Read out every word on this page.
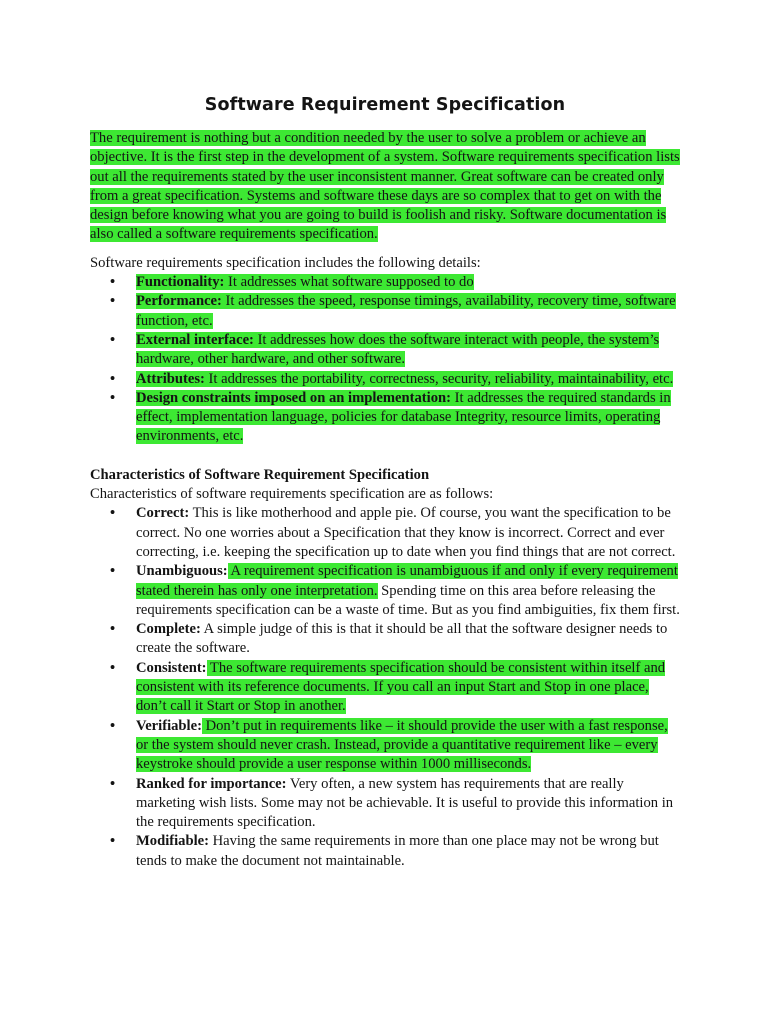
Software Requirement Specification

The requirement is nothing but a condition needed by the user to solve a problem or achieve an objective. It is the first step in the development of a system. Software requirements specification lists out all the requirements stated by the user inconsistent manner. Great software can be created only from a great specification. Systems and software these days are so complex that to get on with the design before knowing what you are going to build is foolish and risky. Software documentation is also called a software requirements specification.

Software requirements specification includes the following details:

• Functionality: It addresses what software supposed to do
• Performance: It addresses the speed, response timings, availability, recovery time, software function, etc.
• External interface: It addresses how does the software interact with people, the system’s hardware, other hardware, and other software.
• Attributes: It addresses the portability, correctness, security, reliability, maintainability, etc.
• Design constraints imposed on an implementation: It addresses the required standards in effect, implementation language, policies for database Integrity, resource limits, operating environments, etc.

Characteristics of Software Requirement Specification

Characteristics of software requirements specification are as follows:

• Correct: This is like motherhood and apple pie. Of course, you want the specification to be correct. No one worries about a Specification that they know is incorrect. Correct and ever correcting, i.e. keeping the specification up to date when you find things that are not correct.
• Unambiguous: A requirement specification is unambiguous if and only if every requirement stated therein has only one interpretation. Spending time on this area before releasing the requirements specification can be a waste of time. But as you find ambiguities, fix them first.
• Complete: A simple judge of this is that it should be all that the software designer needs to create the software.
• Consistent: The software requirements specification should be consistent within itself and consistent with its reference documents. If you call an input Start and Stop in one place, don’t call it Start or Stop in another.
• Verifiable: Don’t put in requirements like – it should provide the user with a fast response, or the system should never crash. Instead, provide a quantitative requirement like – every keystroke should provide a user response within 1000 milliseconds.
• Ranked for importance: Very often, a new system has requirements that are really marketing wish lists. Some may not be achievable. It is useful to provide this information in the requirements specification.
• Modifiable: Having the same requirements in more than one place may not be wrong but tends to make the document not maintainable.
